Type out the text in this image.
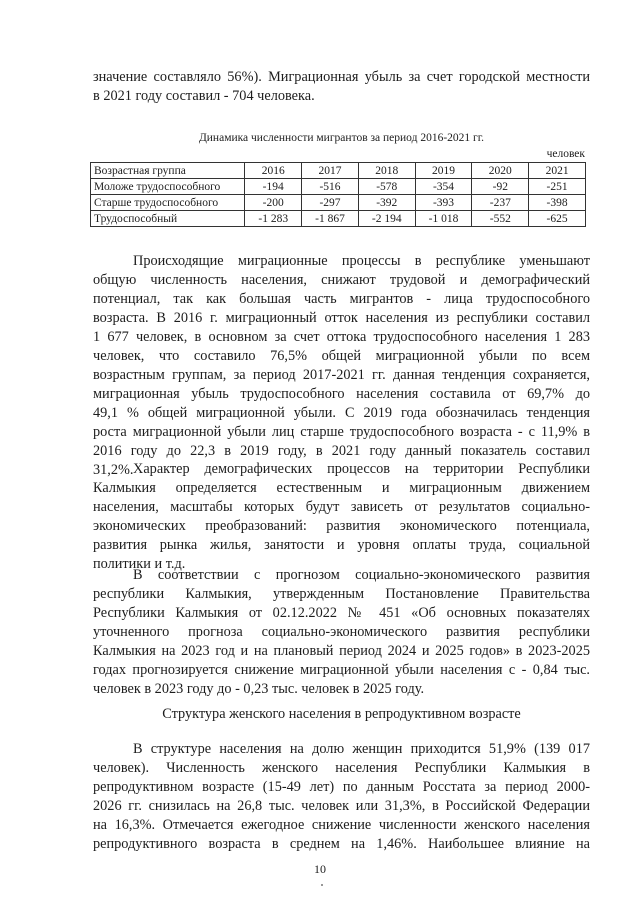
значение составляло 56%). Миграционная убыль за счет городской местности

в 2021 году составил - 704 человека.

Динамика численности мигрантов за период 2016-2021 гг.
человек
Возрастная группа	2016	2017	2018	2019	2020	2021
Моложе трудоспособного	-194	-516	-578	-354	-92	-251
Старше трудоспособного	-200	-297	-392	-393	-237	-398
Трудоспособный	-1 283	-1 867	-2 194	-1 018	-552	-625

Происходящие миграционные процессы в республике уменьшают

общую численность населения, снижают трудовой и демографический

потенциал, так как большая часть мигрантов - лица трудоспособного

возраста. В 2016 г. миграционный отток населения из республики составил

1 677 человек, в основном за счет оттока трудоспособного населения 1 283

человек, что составило 76,5% общей миграционной убыли по всем

возрастным группам, за период 2017-2021 гг. данная тенденция сохраняется,

миграционная убыль трудоспособного населения составила от 69,7% до

49,1 % общей миграционной убыли. С 2019 года обозначилась тенденция

роста миграционной убыли лиц старше трудоспособного возраста - с 11,9% в

2016 году до 22,3 в 2019 году, в 2021 году данный показатель составил

31,2%. Характер демографических процессов на территории Республики

Калмыкия определяется естественным и миграционным движением

населения, масштабы которых будут зависеть от результатов социально-

экономических преобразований: развития экономического потенциала,

развития рынка жилья, занятости и уровня оплаты труда, социальной

политики и т.д.

В соответствии с прогнозом социально-экономического развития

республики Калмыкия, утвержденным Постановление Правительства

Республики Калмыкия от 02.12.2022 № 451 «Об основных показателях

уточненного прогноза социально-экономического развития республики

Калмыкия на 2023 год и на плановый период 2024 и 2025 годов» в 2023-2025

годах прогнозируется снижение миграционной убыли населения с - 0,84 тыс.

человек в 2023 году до - 0,23 тыс. человек в 2025 году.

Структура женского населения в репродуктивном возрасте

В структуре населения на долю женщин приходится 51,9% (139 017

человек). Численность женского населения Республики Калмыкия в

репродуктивном возрасте (15-49 лет) по данным Росстата за период 2000-

2026 гг. снизилась на 26,8 тыс. человек или 31,3%, в Российской Федерации

на 16,3%. Отмечается ежегодное снижение численности женского населения

репродуктивного возраста в среднем на 1,46%. Наибольшее влияние на

10
